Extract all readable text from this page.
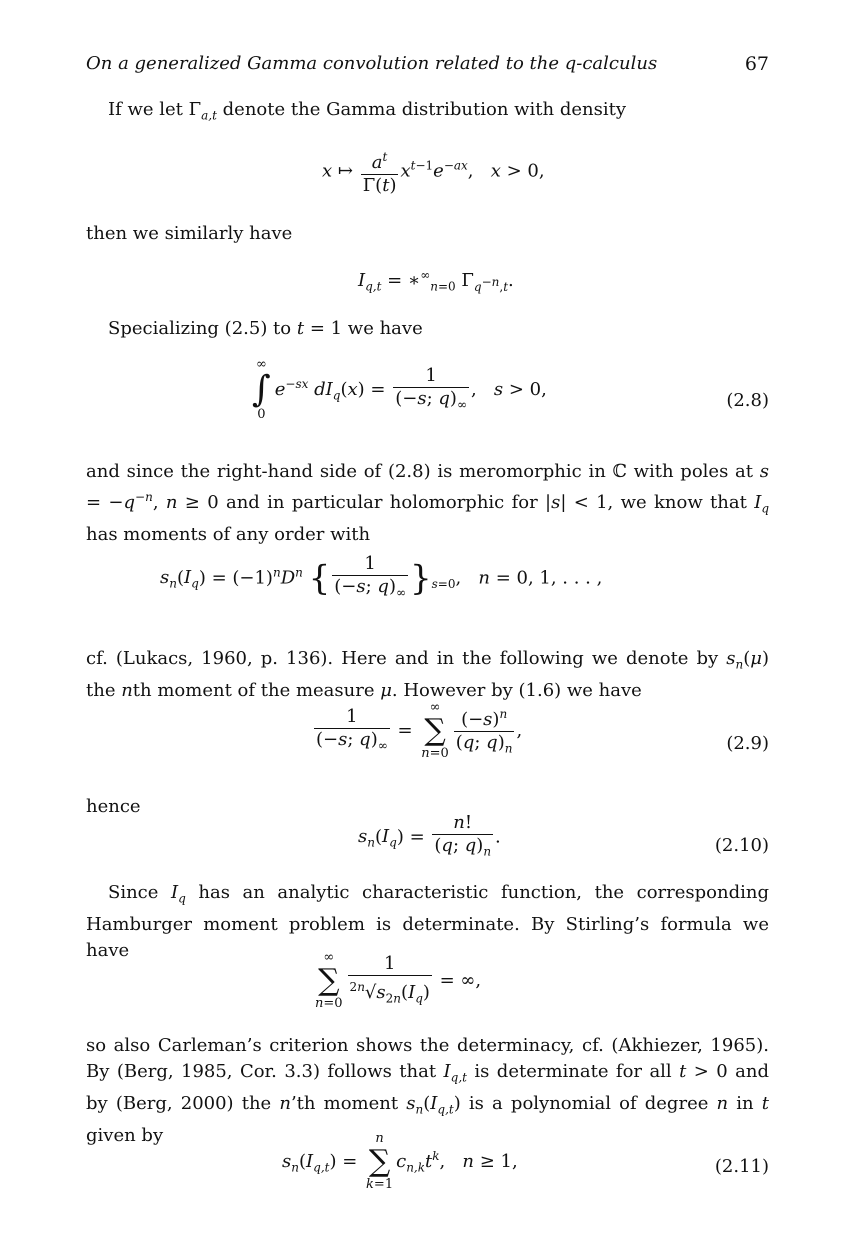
On a generalized Gamma convolution related to the q-calculus	67
If we let $\Gamma_{a,t}$ denote the Gamma distribution with density
x ↦ $\frac{a^t}{\Gamma(t)} x^{t-1}e^{-ax}$,   x > 0,
then we similarly have
$I_{q,t}$ = $∗^\infty_{n=0}$ $\Gamma_{q^{-n},t}$.
Specializing (2.5) to t = 1 we have
∞
∫
0
$e^{-sx}$ $dI_q(x) = \frac{1}{(-s; q)_\infty}$ ,   s > 0,
(2.8)
and since the right-hand side of (2.8) is meromorphic in ℂ with poles at $s = -q^{-n}$, n ≥ 0 and in particular holomorphic for |s| < 1, we know that $I_q$ has moments of any order with
$s_n(I_q) = (-1)^nD^n$ { $\frac{1}{(-s; q)_\infty} \}_{s=0}$,   n = 0, 1, . . . ,
cf. (Lukacs, 1960, p. 136). Here and in the following we denote by $s_n(\mu)$ the nth moment of the measure μ. However by (1.6) we have
$\frac{1}{(-s; q)_\infty}$ =
∞
∑
$n=0 \frac{(-s)^n}{(q; q)_n}$ ,
(2.9)
hence
$s_n(I_q) = \frac{n!}{(q; q)_n}$ .	(2.10)
Since $I_q$ has an analytic characteristic function, the corresponding Hamburger moment problem is determinate. By Stirling’s formula we have	∞
∑
$n=0 \frac{1}{^{2n}√s_{2n}(I_q)}$ = ∞,
so also Carleman’s criterion shows the determinacy, cf. (Akhiezer, 1965). By (Berg, 1985, Cor. 3.3) follows that $I_{q,t}$ is determinate for all t > 0 and by (Berg, 2000) the n’th moment $s_n(I_{q,t})$ is a polynomial of degree n in t given by
$s_n(I_{q,t})$ =
n
∑
k=1
$c_{n,k}t^k$,   n ≥ 1,	(2.11)
